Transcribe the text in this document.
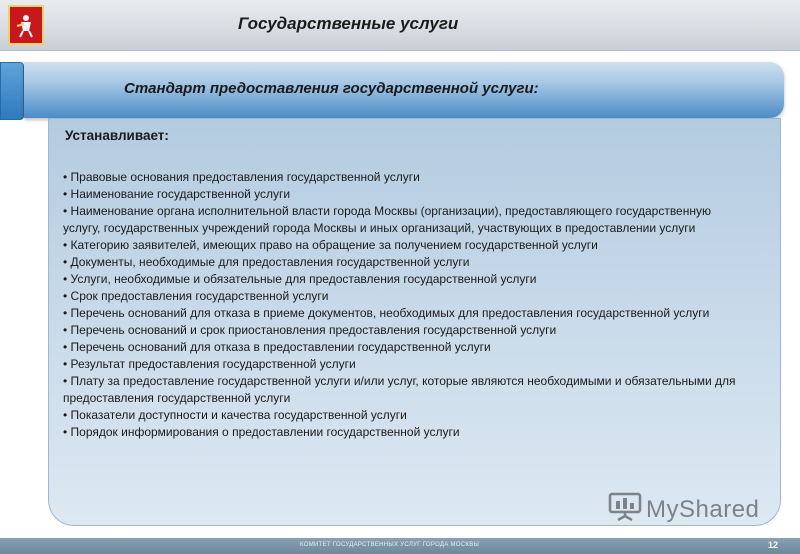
Государственные услуги
Стандарт предоставления государственной услуги:
Устанавливает:
• Правовые основания предоставления государственной услуги
• Наименование государственной услуги
• Наименование органа исполнительной власти города Москвы (организации), предоставляющего государственную услугу, государственных учреждений города Москвы и иных организаций, участвующих в предоставлении услуги
• Категорию заявителей, имеющих право на обращение за получением государственной услуги
• Документы, необходимые для предоставления государственной услуги
• Услуги, необходимые и обязательные для предоставления государственной услуги
• Срок предоставления государственной услуги
• Перечень оснований для отказа в приеме документов, необходимых для предоставления государственной услуги
• Перечень оснований и срок приостановления предоставления государственной услуги
• Перечень оснований для отказа в предоставлении государственной услуги
• Результат предоставления государственной услуги
• Плату за предоставление государственной услуги и/или услуг, которые являются необходимыми и обязательными для предоставления государственной услуги
• Показатели доступности и качества государственной услуги
• Порядок информирования о предоставлении государственной услуги
MyShared
КОМИТЕТ ГОСУДАРСТВЕННЫХ УСЛУГ ГОРОДА МОСКВЫ	12
